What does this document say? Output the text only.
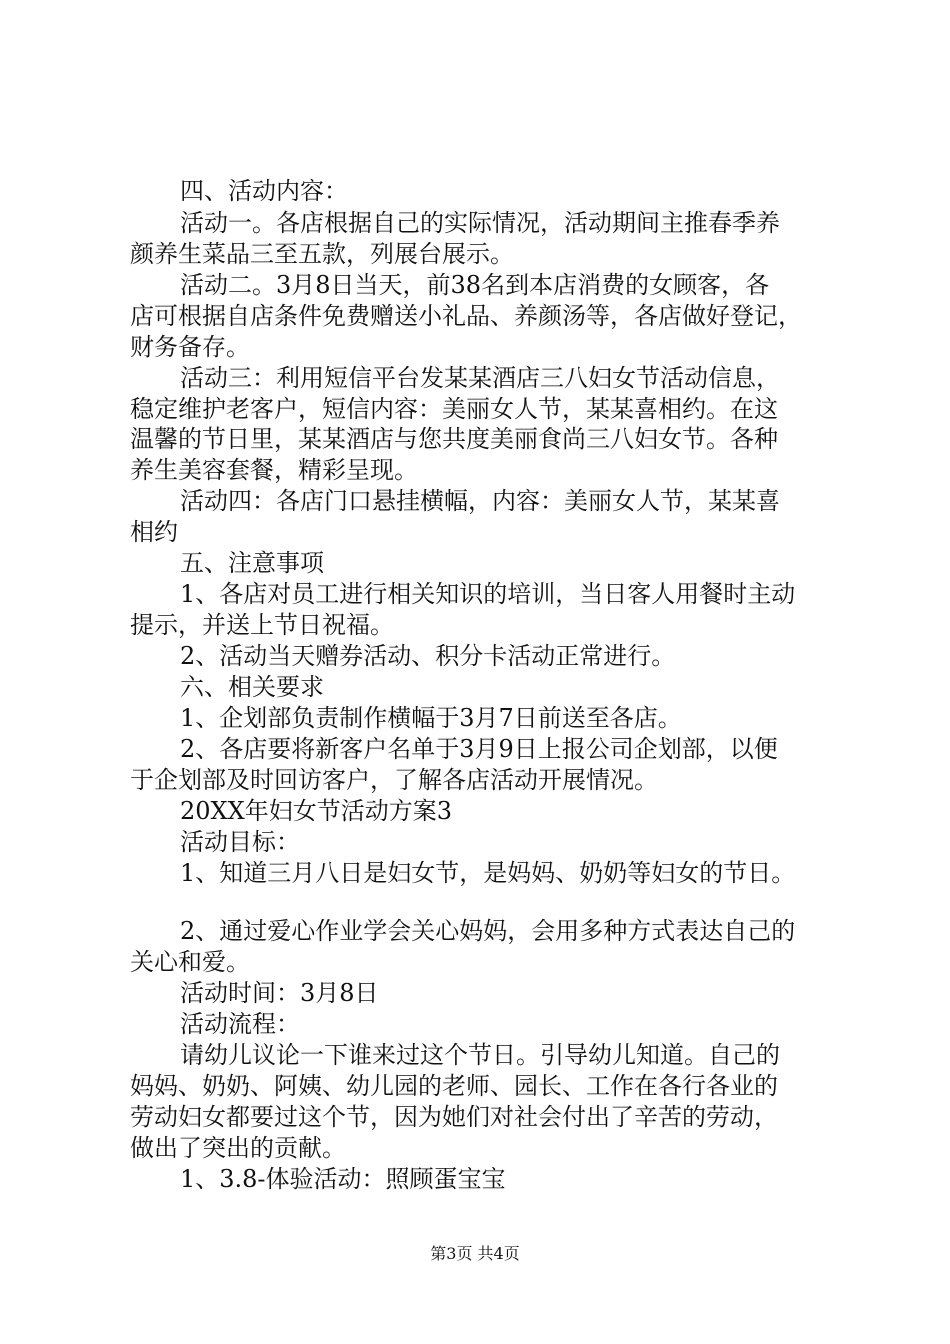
四、活动内容：
活动一。各店根据自己的实际情况，活动期间主推春季养
颜养生菜品三至五款，列展台展示。
活动二。3月8日当天，前38名到本店消费的女顾客，各
店可根据自店条件免费赠送小礼品、养颜汤等，各店做好登记，
财务备存。
活动三：利用短信平台发某某酒店三八妇女节活动信息，
稳定维护老客户，短信内容：美丽女人节，某某喜相约。在这
温馨的节日里，某某酒店与您共度美丽食尚三八妇女节。各种
养生美容套餐，精彩呈现。
活动四：各店门口悬挂横幅，内容：美丽女人节，某某喜
相约
五、注意事项
1、各店对员工进行相关知识的培训，当日客人用餐时主动
提示，并送上节日祝福。
2、活动当天赠券活动、积分卡活动正常进行。
六、相关要求
1、企划部负责制作横幅于3月7日前送至各店。
2、各店要将新客户名单于3月9日上报公司企划部，以便
于企划部及时回访客户，了解各店活动开展情况。
20XX年妇女节活动方案3
活动目标：
1、知道三月八日是妇女节，是妈妈、奶奶等妇女的节日。
2、通过爱心作业学会关心妈妈，会用多种方式表达自己的
关心和爱。
活动时间：3月8日
活动流程：
请幼儿议论一下谁来过这个节日。引导幼儿知道。自己的
妈妈、奶奶、阿姨、幼儿园的老师、园长、工作在各行各业的
劳动妇女都要过这个节，因为她们对社会付出了辛苦的劳动，
做出了突出的贡献。
1、3.8-体验活动：照顾蛋宝宝
第3页 共4页
